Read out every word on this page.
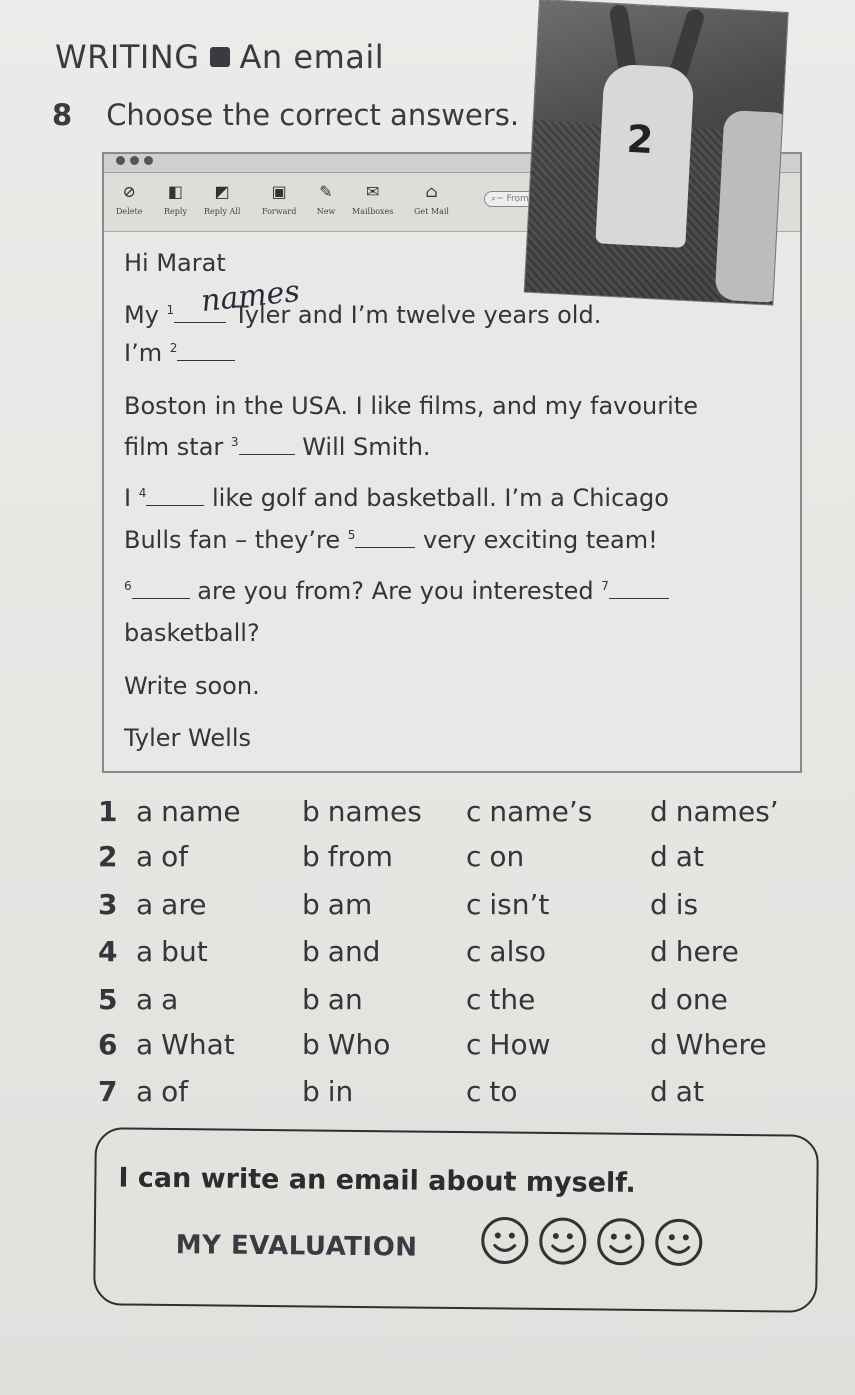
WRITING An email
8 Choose the correct answers.
⊘
Delete
◧
Reply
◩
Reply All
▣
Forward
✎
New
✉
Mailboxes
⌂
Get Mail
⌕~ From
Hi Marat
My $^1$ Tyler and I’m twelve years old.
names
I’m $^2$
Boston in the USA. I like films, and my favourite
film star $^3$ Will Smith.
I $^4$ like golf and basketball. I’m a Chicago
Bulls fan – they’re $^5$	very exciting team!
$^6$ are you from? Are you interested $^7$
basketball?
Write soon.
Tyler Wells
2
1 a name b names c name’s d names’
2 a of	b from	c on	d at
3 a are	b am	c isn’t	d is
4 a but	b and	c also	d here
5 a a	b an	c the	d one
6 a What b Who	c How	d Where
7 a of	b in	c to	d at
I can write an email about myself.
MY EVALUATION
